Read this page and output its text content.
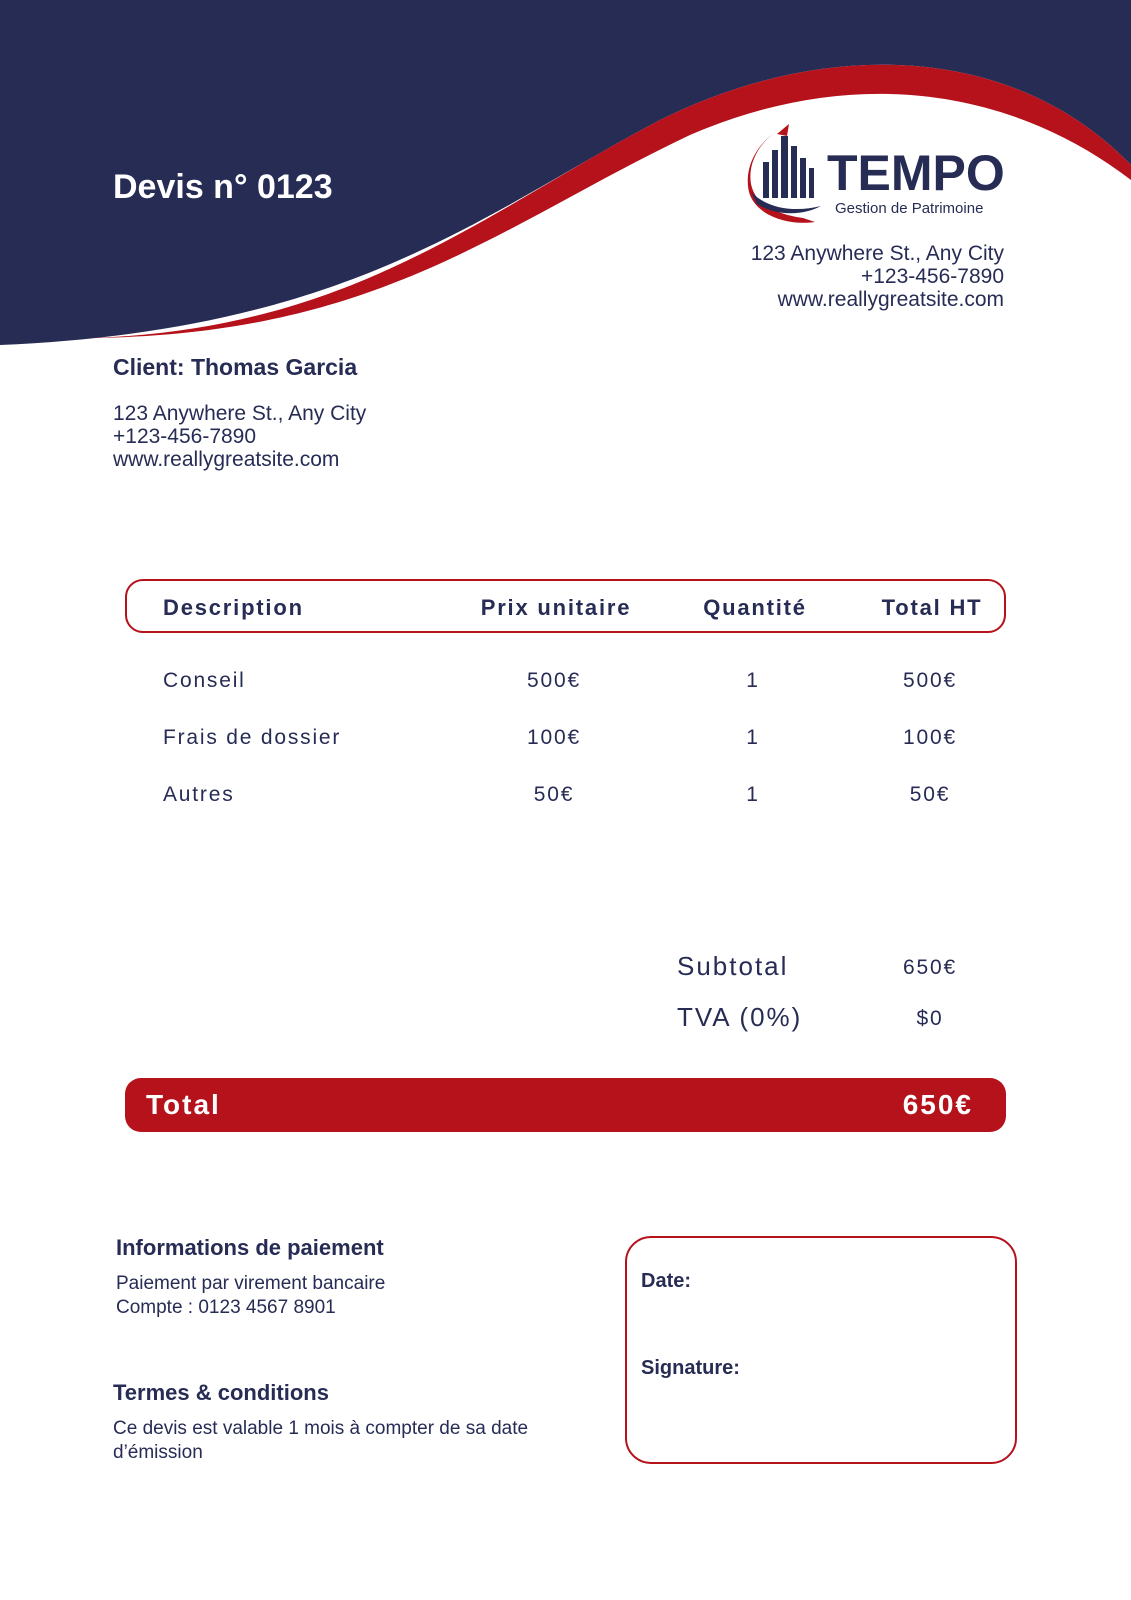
Devis n° 0123	TEMPO
Gestion de Patrimoine
123 Anywhere St., Any City
+123-456-7890
www.reallygreatsite.com
Client: Thomas Garcia
123 Anywhere St., Any City
+123-456-7890
www.reallygreatsite.com
Description	Prix unitaire	Quantité	Total HT
Conseil	500€	1	500€
Frais de dossier	100€	1	100€
Autres	50€	1	50€
Subtotal	650€
TVA (0%)	$0
Total	650€
Informations de paiement
Paiement par virement bancaire
Compte : 0123 4567 8901
Termes & conditions
Ce devis est valable 1 mois à compter de sa date
d’émission
Date:
Signature:
